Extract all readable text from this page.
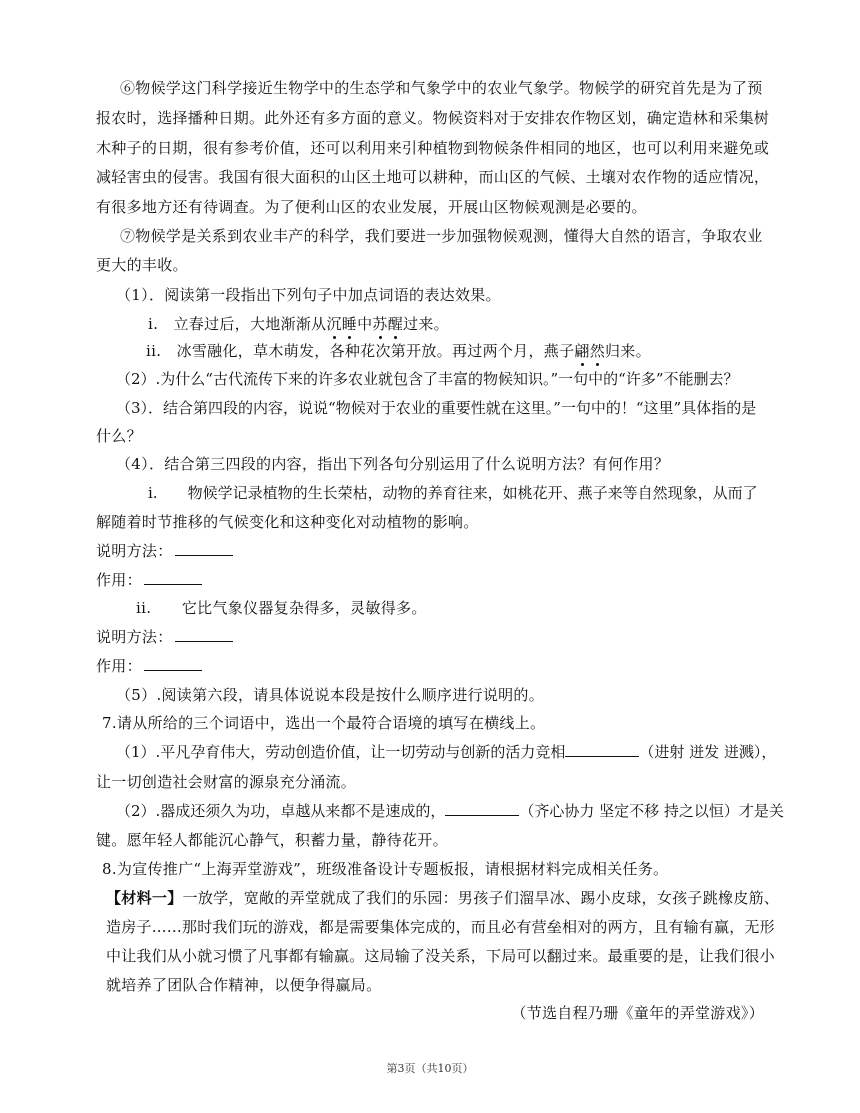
⑥物候学这门科学接近生物学中的生态学和气象学中的农业气象学。物候学的研究首先是为了预
报农时，选择播种日期。此外还有多方面的意义。物候资料对于安排农作物区划，确定造林和采集树
木种子的日期，很有参考价值，还可以利用来引种植物到物候条件相同的地区，也可以利用来避免或
减轻害虫的侵害。我国有很大面积的山区土地可以耕种，而山区的气候、土壤对农作物的适应情况，
有很多地方还有待调查。为了便利山区的农业发展，开展山区物候观测是必要的。
⑦物候学是关系到农业丰产的科学，我们要进一步加强物候观测，懂得大自然的语言，争取农业
更大的丰收。
（1）．阅读第一段指出下列句子中加点词语的表达效果。
i.　立春过后，大地渐渐从沉睡中苏醒过来。
ii.　冰雪融化，草木萌发，各种花次第开放。再过两个月，燕子翩然归来。
（2）.为什么“古代流传下来的许多农业就包含了丰富的物候知识。”一句中的“许多”不能删去？
（3）．结合第四段的内容，说说“物候对于农业的重要性就在这里。”一句中的！“这里”具体指的是
什么？
（4）．结合第三四段的内容，指出下列各句分别运用了什么说明方法？有何作用？
i.　　物候学记录植物的生长荣枯，动物的养育往来，如桃花开、燕子来等自然现象，从而了
解随着时节推移的气候变化和这种变化对动植物的影响。
说明方法：
作用：
ii.　　它比气象仪器复杂得多，灵敏得多。
说明方法：
作用：
（5）.阅读第六段，请具体说说本段是按什么顺序进行说明的。
7.请从所给的三个词语中，选出一个最符合语境的填写在横线上。
（1）.平凡孕育伟大，劳动创造价值，让一切劳动与创新的活力竞相	（进射 迸发 迸溅），
让一切创造社会财富的源泉充分涌流。
（2）.器成还须久为功，卓越从来都不是速成的，	（齐心协力 坚定不移 持之以恒）才是关
键。愿年轻人都能沉心静气，积蓄力量，静待花开。
8.为宣传推广“上海弄堂游戏”，班级准备设计专题板报，请根据材料完成相关任务。
【材料一】一放学，宽敞的弄堂就成了我们的乐园：男孩子们溜旱冰、踢小皮球，女孩子跳橡皮筋、
造房子……那时我们玩的游戏，都是需要集体完成的，而且必有营垒相对的两方，且有输有赢，无形
中让我们从小就习惯了凡事都有输赢。这局输了没关系，下局可以翻过来。最重要的是，让我们很小
就培养了团队合作精神，以便争得赢局。
（节选自程乃珊《童年的弄堂游戏》）
第3页（共10页）
